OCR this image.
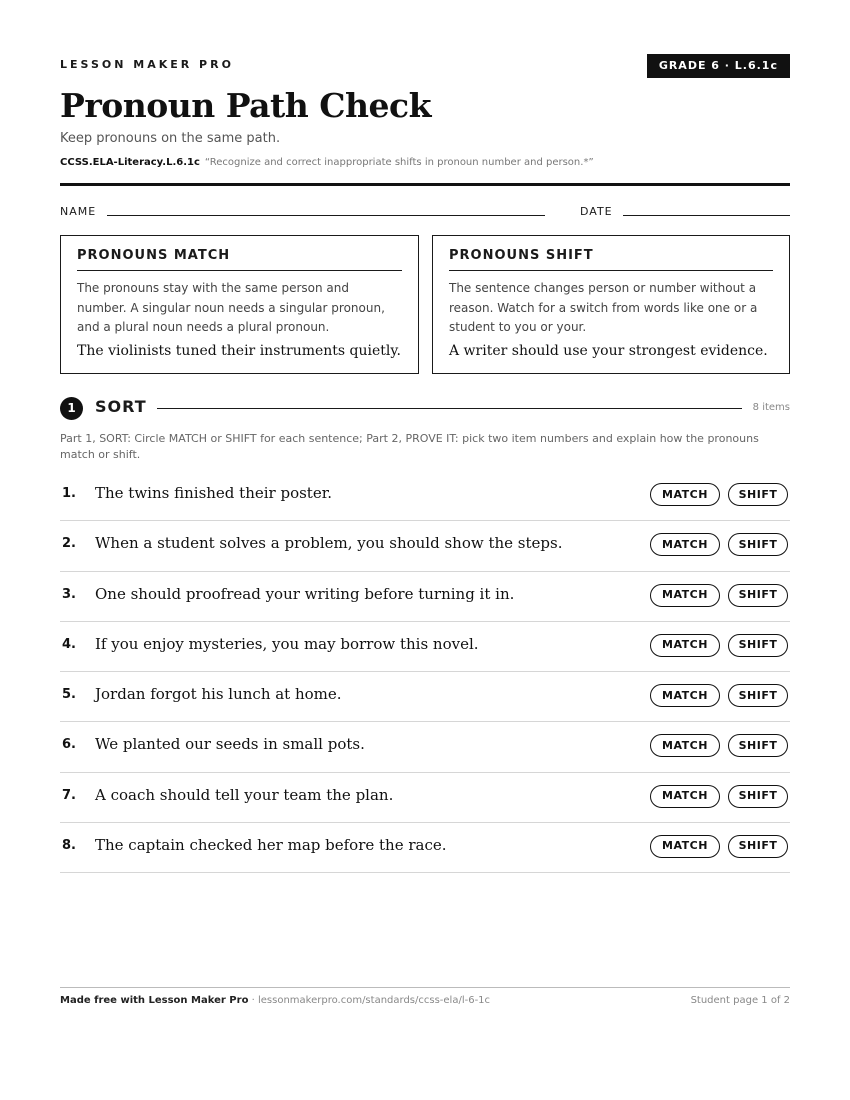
LESSON MAKER PRO	GRADE 6 · L.6.1c
Pronoun Path Check
Keep pronouns on the same path.
CCSS.ELA-Literacy.L.6.1c “Recognize and correct inappropriate shifts in pronoun number and person.*”
NAME	DATE
PRONOUNS MATCH

The pronouns stay with the same person and number. A singular noun needs a singular pronoun, and a plural noun needs a plural pronoun.

The violinists tuned their instruments quietly.
PRONOUNS SHIFT

The sentence changes person or number without a reason. Watch for a switch from words like one or a student to you or your.

A writer should use your strongest evidence.
1	SORT	8 items
Part 1, SORT: Circle MATCH or SHIFT for each sentence; Part 2, PROVE IT: pick two item numbers and explain how the pronouns match or shift.
1. The twins finished their poster.	MATCH	SHIFT
2. When a student solves a problem, you should show the steps.	MATCH	SHIFT
3. One should proofread your writing before turning it in.	MATCH	SHIFT
4. If you enjoy mysteries, you may borrow this novel.	MATCH	SHIFT
5. Jordan forgot his lunch at home.	MATCH	SHIFT
6. We planted our seeds in small pots.	MATCH	SHIFT
7. A coach should tell your team the plan.	MATCH	SHIFT
8. The captain checked her map before the race.	MATCH	SHIFT
Made free with Lesson Maker Pro · lessonmakerpro.com/standards/ccss-ela/l-6-1c	Student page 1 of 2
